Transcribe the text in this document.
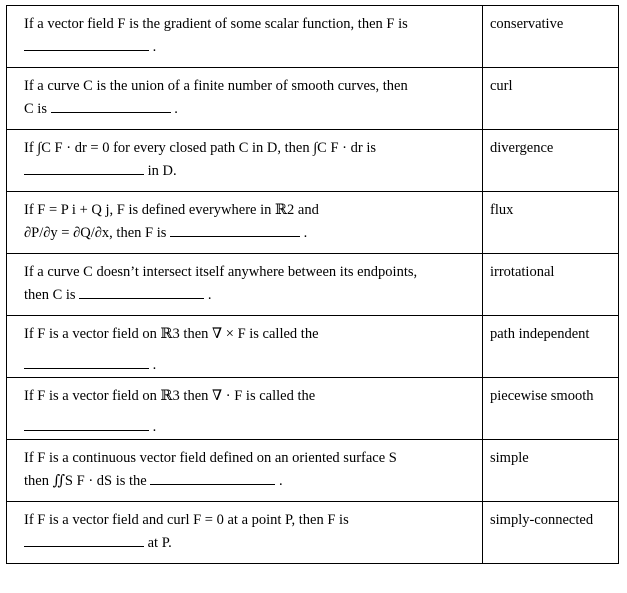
If a vector field F is the gradient of some scalar function, then F is
.	conservative

If a curve C is the union of a finite number of smooth curves, then
C is .	curl

If ∫C F · dr = 0 for every closed path C in D, then ∫C F · dr is
in D.	divergence

If F = P i + Q j, F is defined everywhere in ℝ2 and
∂P/∂y = ∂Q/∂x, then F is .	flux

If a curve C doesn’t intersect itself anywhere between its endpoints,
then C is .	irrotational

If F is a vector field on ℝ3 then ∇ × F is called the
.	path independent

If F is a vector field on ℝ3 then ∇ · F is called the
.	piecewise smooth

If F is a continuous vector field defined on an oriented surface S
then ∬S F · dS is the .	simple

If F is a vector field and curl F = 0 at a point P, then F is
at P.	simply-connected
